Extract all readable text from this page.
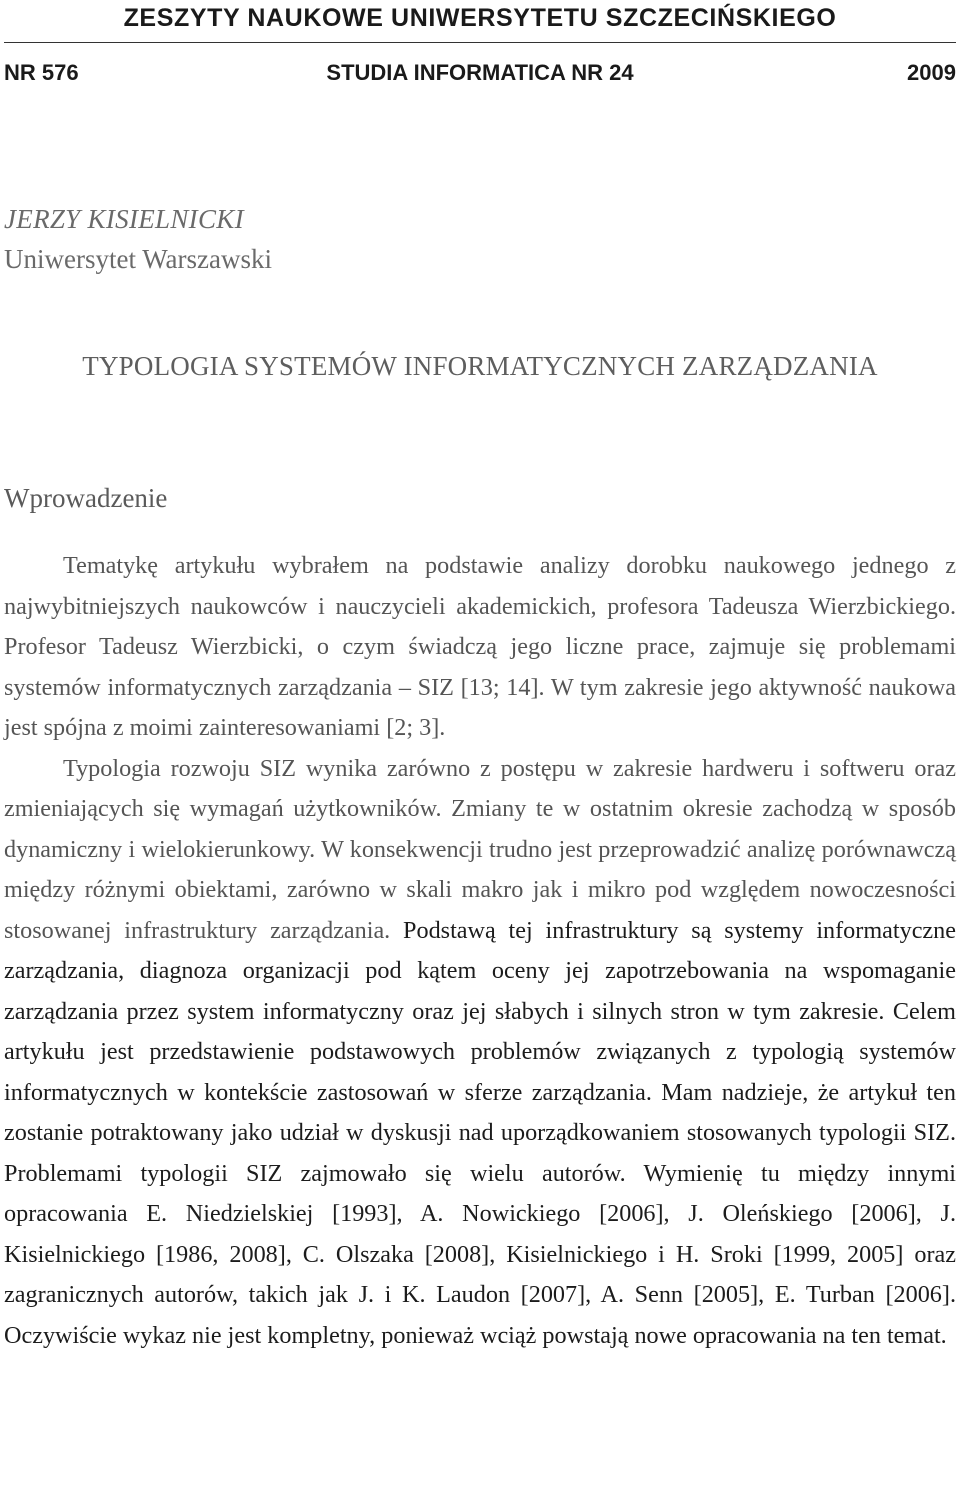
ZESZYTY NAUKOWE UNIWERSYTETU SZCZECIŃSKIEGO
NR 576	STUDIA INFORMATICA NR 24	2009
JERZY KISIELNICKI
Uniwersytet Warszawski
TYPOLOGIA SYSTEMÓW INFORMATYCZNYCH ZARZĄDZANIA
Wprowadzenie

Tematykę artykułu wybrałem na podstawie analizy dorobku naukowego jednego z najwybitniejszych naukowców i nauczycieli akademickich, profesora Tadeusza Wierzbickiego. Profesor Tadeusz Wierzbicki, o czym świadczą jego liczne prace, zajmuje się problemami systemów informatycznych zarządzania – SIZ [13; 14]. W tym zakresie jego aktywność naukowa jest spójna z moimi zainteresowaniami [2; 3].

Typologia rozwoju SIZ wynika zarówno z postępu w zakresie hardweru i softweru oraz zmieniających się wymagań użytkowników. Zmiany te w ostatnim okresie zachodzą w sposób dynamiczny i wielokierunkowy. W konsekwencji trudno jest przeprowadzić analizę porównawczą między różnymi obiektami, zarówno w skali makro jak i mikro pod względem nowoczesności stosowanej infrastruktury zarządzania. Podstawą tej infrastruktury są systemy informatyczne zarządzania, diagnoza organizacji pod kątem oceny jej zapotrzebowania na wspomaganie zarządzania przez system informatyczny oraz jej słabych i silnych stron w tym zakresie. Celem artykułu jest przedstawienie podstawowych problemów związanych z typologią systemów informatycznych w kontekście zastosowań w sferze zarządzania. Mam nadzieje, że artykuł ten zostanie potraktowany jako udział w dyskusji nad uporządkowaniem stosowanych typologii SIZ. Problemami typologii SIZ zajmowało się wielu autorów. Wymienię tu między innymi opracowania E. Niedzielskiej [1993], A. Nowickiego [2006], J. Oleńskiego [2006], J. Kisielnickiego [1986, 2008], C. Olszaka [2008], Kisielnickiego i H. Sroki [1999, 2005] oraz zagranicznych autorów, takich jak J. i K. Laudon [2007], A. Senn [2005], E. Turban [2006]. Oczywiście wykaz nie jest kompletny, ponieważ wciąż powstają nowe opracowania na ten temat.
